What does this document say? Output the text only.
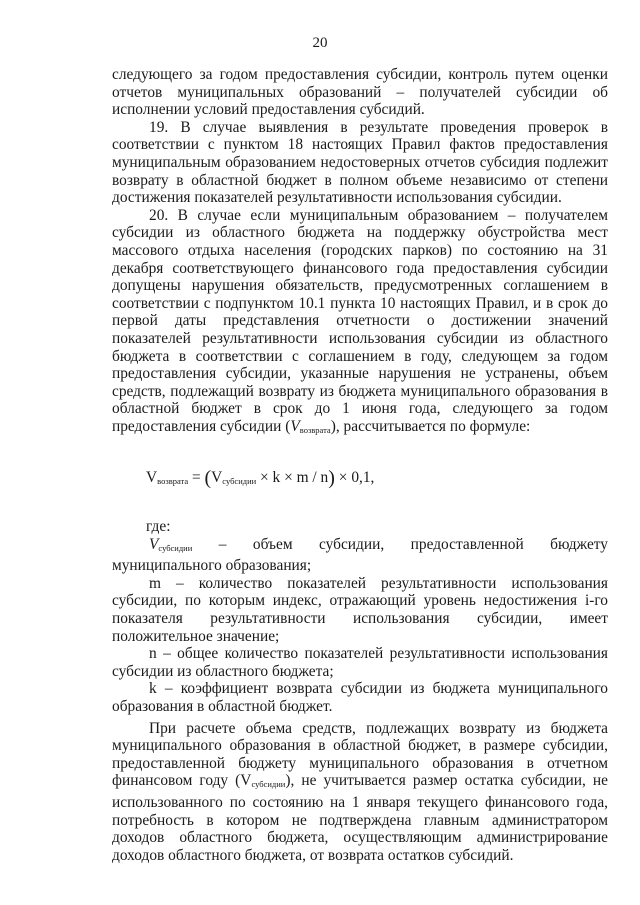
20

следующего за годом предоставления субсидии, контроль путем оценки отчетов муниципальных образований – получателей субсидии об исполнении условий предоставления субсидий.

19. В случае выявления в результате проведения проверок в соответствии с пунктом 18 настоящих Правил фактов предоставления муниципальным образованием недостоверных отчетов субсидия подлежит возврату в областной бюджет в полном объеме независимо от степени достижения показателей результативности использования субсидии.

20. В случае если муниципальным образованием – получателем субсидии из областного бюджета на поддержку обустройства мест массового отдыха населения (городских парков) по состоянию на 31 декабря соответствующего финансового года предоставления субсидии допущены нарушения обязательств, предусмотренных соглашением в соответствии с подпунктом 10.1 пункта 10 настоящих Правил, и в срок до первой даты представления отчетности о достижении значений показателей результативности использования субсидии из областного бюджета в соответствии с соглашением в году, следующем за годом предоставления субсидии, указанные нарушения не устранены, объем средств, подлежащий возврату из бюджета муниципального образования в областной бюджет в срок до 1 июня года, следующего за годом предоставления субсидии $(V_{возврата})$, рассчитывается по формуле:

$V_{возврата} = (V_{субсидии} \times k \times m / n) \times 0,1$,

где:

$V_{субсидии}$ – объем субсидии, предоставленной бюджету муниципального образования;

m – количество показателей результативности использования субсидии, по которым индекс, отражающий уровень недостижения i-го показателя результативности использования субсидии, имеет положительное значение;

n – общее количество показателей результативности использования субсидии из областного бюджета;

k – коэффициент возврата субсидии из бюджета муниципального образования в областной бюджет.

При расчете объема средств, подлежащих возврату из бюджета муниципального образования в областной бюджет, в размере субсидии, предоставленной бюджету муниципального образования в отчетном финансовом году $(V_{субсидии})$, не учитывается размер остатка субсидии, не использованного по состоянию на 1 января текущего финансового года, потребность в котором не подтверждена главным администратором доходов областного бюджета, осуществляющим администрирование доходов областного бюджета, от возврата остатков субсидий.
